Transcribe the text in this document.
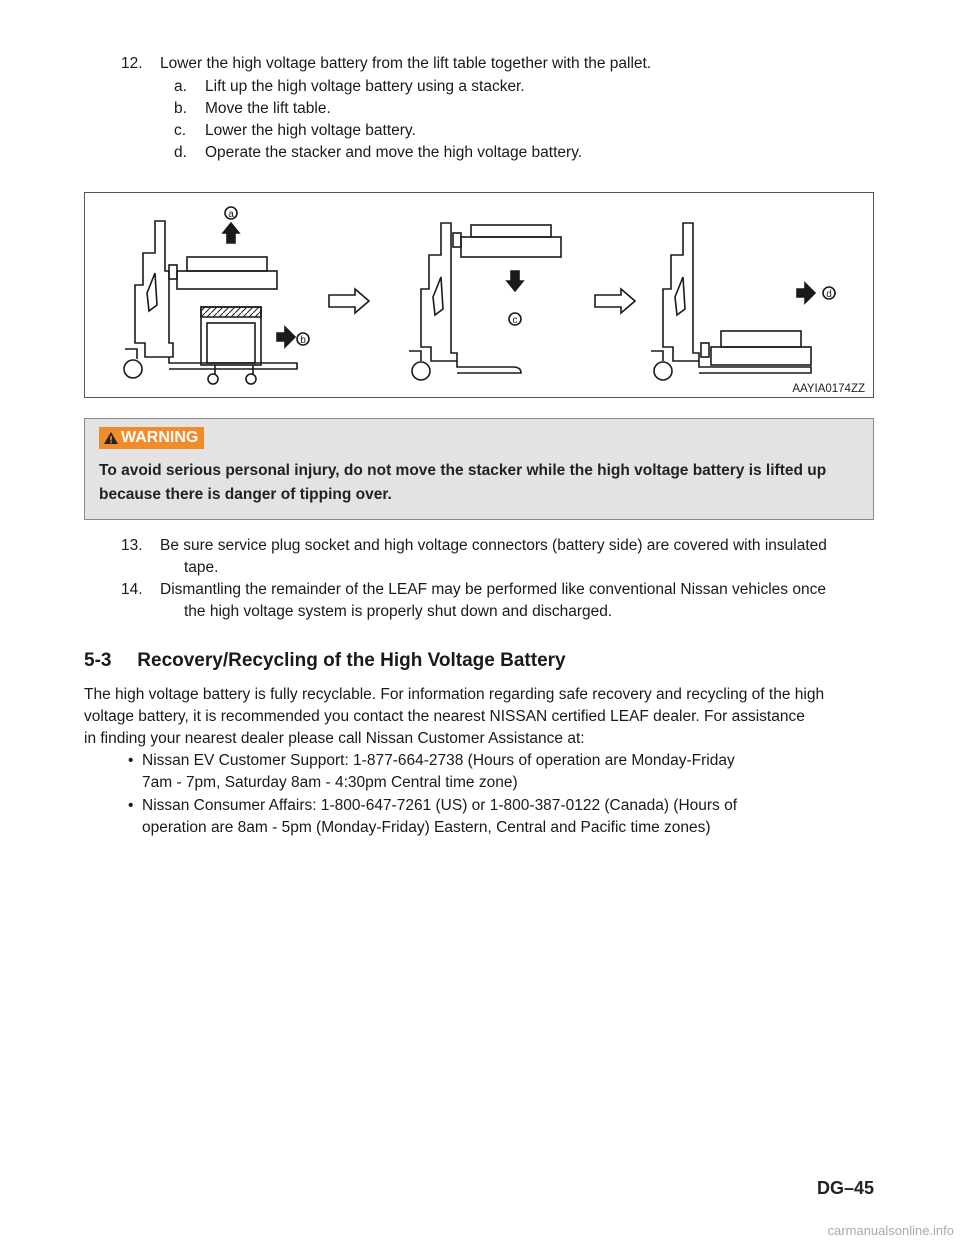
12. Lower the high voltage battery from the lift table together with the pallet.
a. Lift up the high voltage battery using a stacker.
b. Move the lift table.
c. Lower the high voltage battery.
d. Operate the stacker and move the high voltage battery.
a
b
c
d
AAYIA0174ZZ
WARNING
To avoid serious personal injury, do not move the stacker while the high voltage battery is lifted up because there is danger of tipping over.
13. Be sure service plug socket and high voltage connectors (battery side) are covered with insulated
tape.
14. Dismantling the remainder of the LEAF may be performed like conventional Nissan vehicles once
the high voltage system is properly shut down and discharged.
5-3 Recovery/Recycling of the High Voltage Battery
The high voltage battery is fully recyclable. For information regarding safe recovery and recycling of the high
voltage battery, it is recommended you contact the nearest NISSAN certified LEAF dealer. For assistance
in finding your nearest dealer please call Nissan Customer Assistance at:
• Nissan EV Customer Support: 1-877-664-2738 (Hours of operation are Monday-Friday
7am - 7pm, Saturday 8am - 4:30pm Central time zone)
• Nissan Consumer Affairs: 1-800-647-7261 (US) or 1-800-387-0122 (Canada) (Hours of
operation are 8am - 5pm (Monday-Friday) Eastern, Central and Pacific time zones)
DG–45
carmanualsonline.info
